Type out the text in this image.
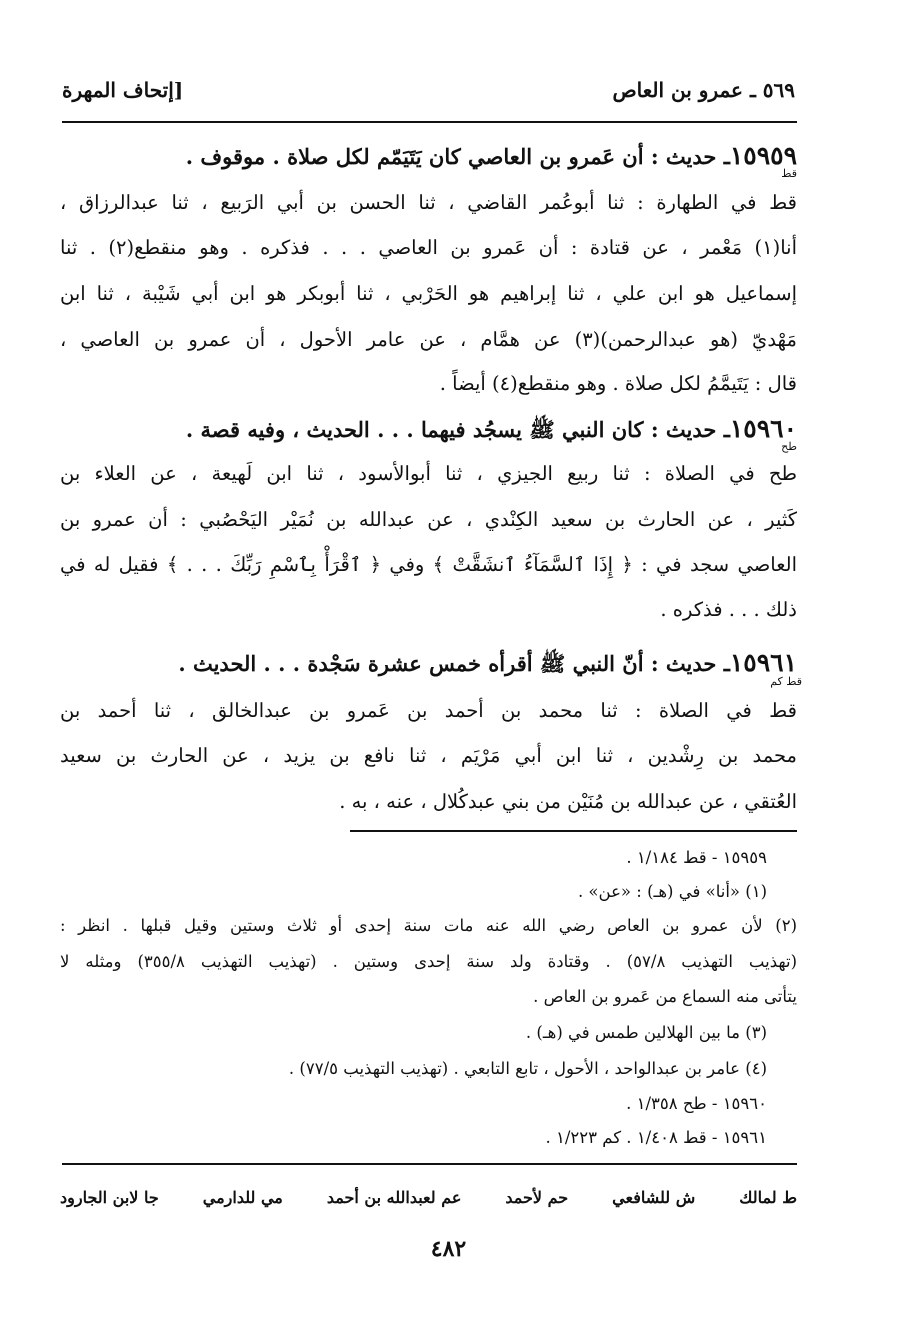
٥٦٩ ـ عمرو بن العاص
[إتحاف المهرة
١٥٩٥٩ـ حديث : أن عَمرو بن العاصي كان يَتَيَمّم لكل صلاة . موقوف .
قط
قط في الطهارة : ثنا أبوعُمر القاضي ، ثنا الحسن بن أبي الرَبيع ، ثنا عبدالرزاق ،
أنا(١) مَعْمر ، عن قتادة : أن عَمرو بن العاصي . . . فذكره . وهو منقطع(٢) . ثنا
إسماعيل هو ابن علي ، ثنا إبراهيم هو الحَرْبي ، ثنا أبوبكر هو ابن أبي شَيْبة ، ثنا ابن
مَهْديّ (هو عبدالرحمن)(٣) عن همَّام ، عن عامر الأحول ، أن عمرو بن العاصي ،
قال : يَتَيمَّمُ لكل صلاة . وهو منقطع(٤) أيضاً .
١٥٩٦٠ـ حديث : كان النبي ﷺ يسجُد فيهما . . . الحديث ، وفيه قصة .
طح
طح في الصلاة : ثنا ربيع الجيزي ، ثنا أبوالأسود ، ثنا ابن لَهيعة ، عن العلاء بن
كَثير ، عن الحارث بن سعيد الكِنْدي ، عن عبدالله بن نُمَيْر اليَحْصُبي : أن عمرو بن
العاصي سجد في : ﴿ إِذَا ٱلسَّمَآءُ ٱنشَقَّتْ ﴾ وفي ﴿ ٱقْرَأْ بِٱسْمِ رَبِّكَ . . . ﴾ فقيل له في
ذلك . . . فذكره .
١٥٩٦١ـ حديث : أنّ النبي ﷺ أقرأه خمس عشرة سَجْدة . . . الحديث .
قط كم
قط في الصلاة : ثنا محمد بن أحمد بن عَمرو بن عبدالخالق ، ثنا أحمد بن
محمد بن رِشْدين ، ثنا ابن أبي مَرْيَم ، ثنا نافع بن يزيد ، عن الحارث بن سعيد
العُتقي ، عن عبدالله بن مُنَيْن من بني عبدكُلال ، عنه ، به .
١٥٩٥٩ - قط ١/١٨٤ .
(١) «أنا» في (هـ) : «عن» .
(٢) لأن عمرو بن العاص رضي الله عنه مات سنة إحدى أو ثلاث وستين وقيل قبلها . انظر :
(تهذيب التهذيب ٥٧/٨) . وقتادة ولد سنة إحدى وستين . (تهذيب التهذيب ٣٥٥/٨) ومثله لا
يتأتى منه السماع من عَمرو بن العاص .
(٣) ما بين الهلالين طمس في (هـ) .
(٤) عامر بن عبدالواحد ، الأحول ، تابع التابعي . (تهذيب التهذيب ٧٧/٥) .
١٥٩٦٠ - طح ١/٣٥٨ .
١٥٩٦١ - قط ١/٤٠٨ . كم ١/٢٢٣ .
ط لمالك
ش للشافعي
حم لأحمد
عم لعبدالله بن أحمد
مي للدارمي
جا لابن الجارود
٤٨٢
